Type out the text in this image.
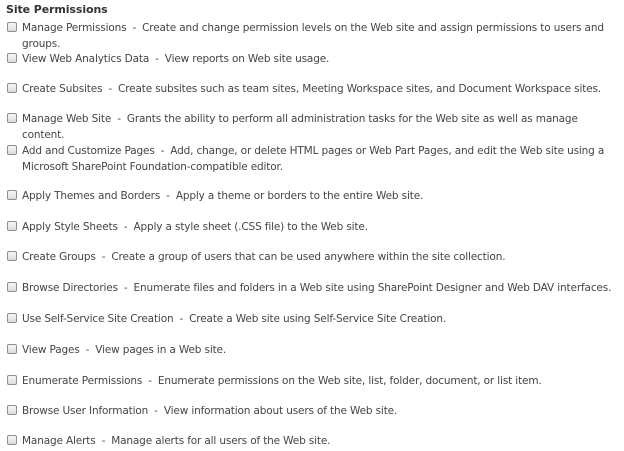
Site Permissions
Manage Permissions - Create and change permission levels on the Web site and assign permissions to users and groups.
View Web Analytics Data - View reports on Web site usage.
Create Subsites - Create subsites such as team sites, Meeting Workspace sites, and Document Workspace sites.
Manage Web Site - Grants the ability to perform all administration tasks for the Web site as well as manage content.
Add and Customize Pages - Add, change, or delete HTML pages or Web Part Pages, and edit the Web site using a Microsoft SharePoint Foundation-compatible editor.
Apply Themes and Borders - Apply a theme or borders to the entire Web site.
Apply Style Sheets - Apply a style sheet (.CSS file) to the Web site.
Create Groups - Create a group of users that can be used anywhere within the site collection.
Browse Directories - Enumerate files and folders in a Web site using SharePoint Designer and Web DAV interfaces.
Use Self-Service Site Creation - Create a Web site using Self-Service Site Creation.
View Pages - View pages in a Web site.
Enumerate Permissions - Enumerate permissions on the Web site, list, folder, document, or list item.
Browse User Information - View information about users of the Web site.
Manage Alerts - Manage alerts for all users of the Web site.
